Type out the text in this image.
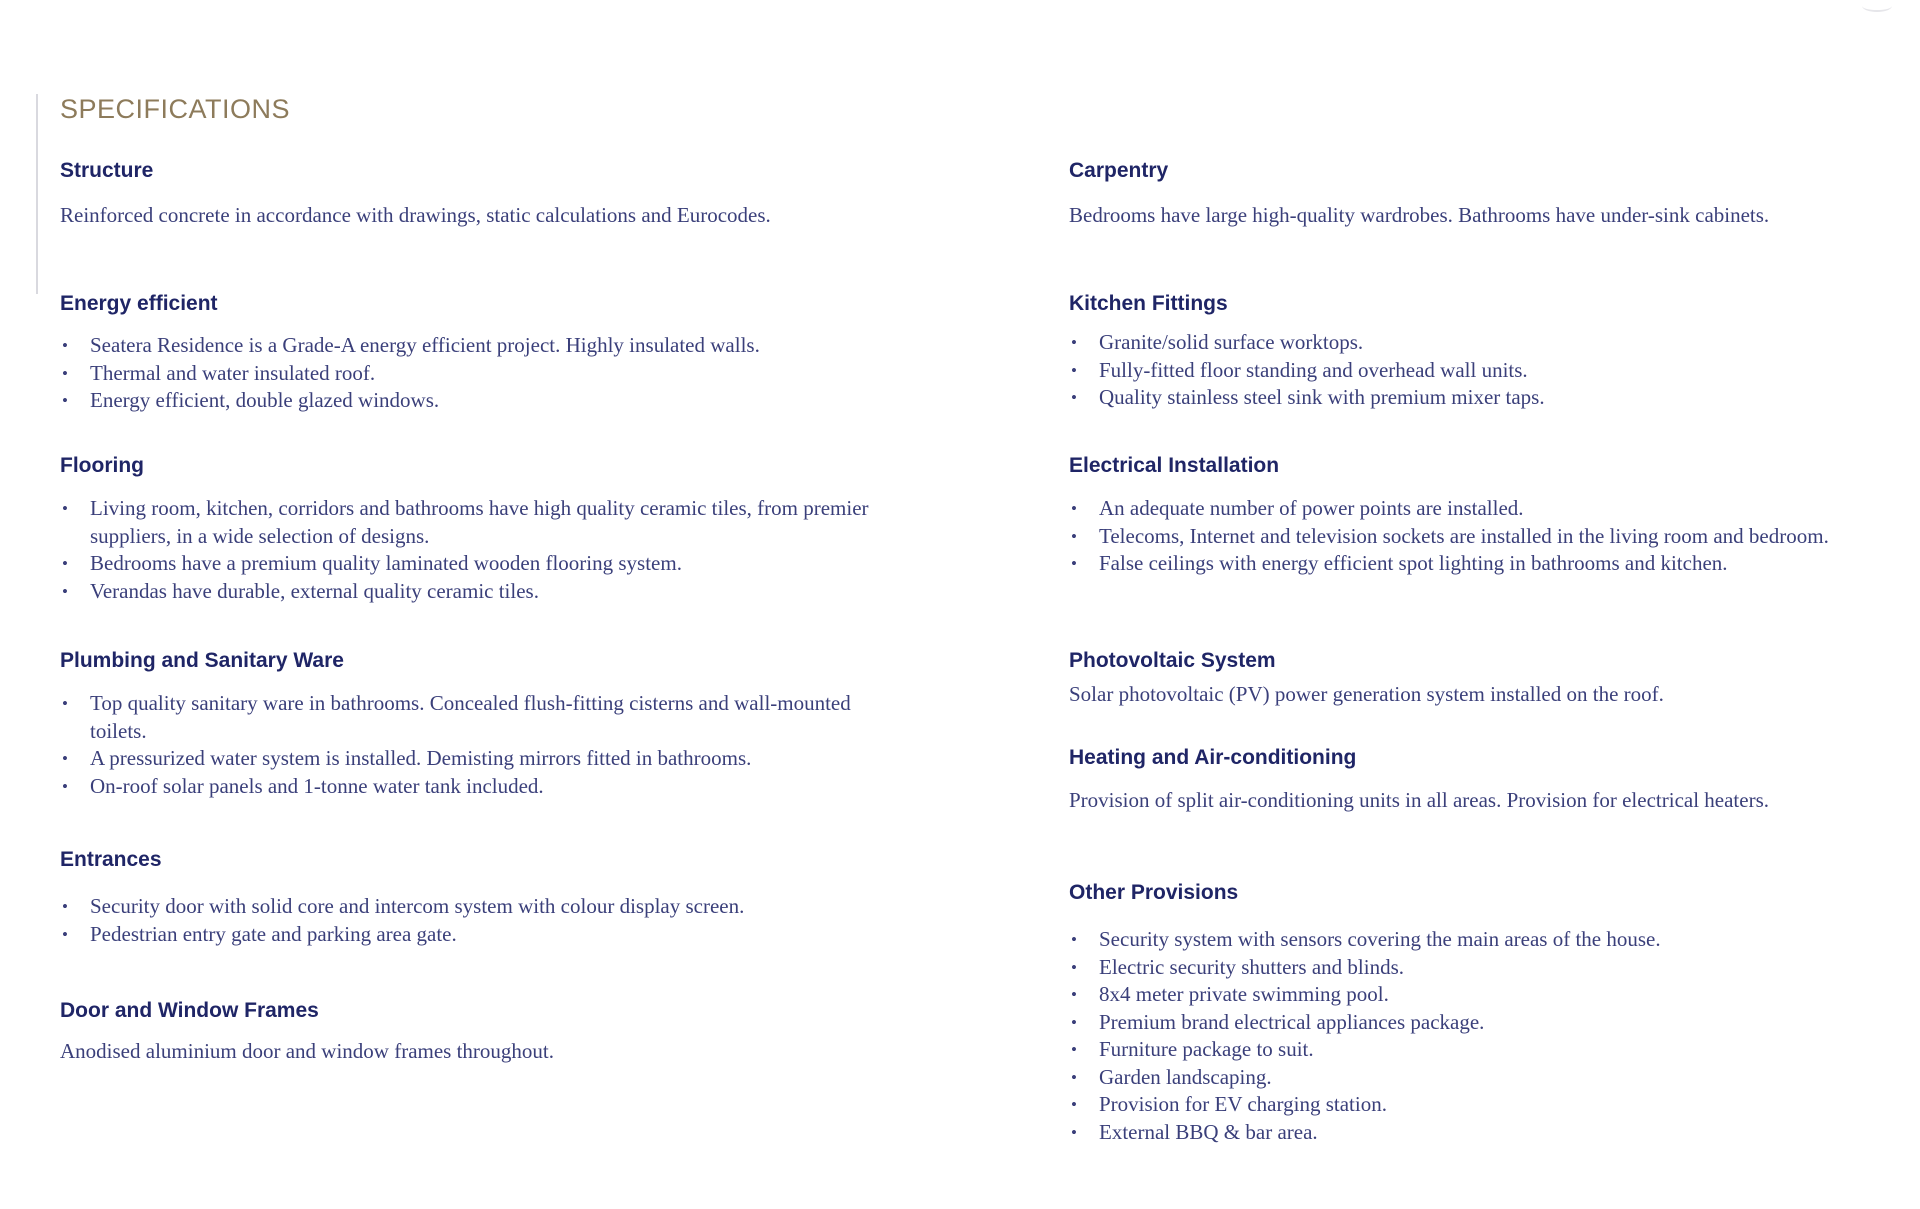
SPECIFICATIONS
Structure

Reinforced concrete in accordance with drawings, static calculations and Eurocodes.

Energy efficient
• Seatera Residence is a Grade-A energy efficient project. Highly insulated walls.
• Thermal and water insulated roof.
• Energy efficient, double glazed windows.
Flooring
• Living room, kitchen, corridors and bathrooms have high quality ceramic tiles, from premier suppliers, in a wide selection of designs.
• Bedrooms have a premium quality laminated wooden flooring system.
• Verandas have durable, external quality ceramic tiles.
Plumbing and Sanitary Ware
• Top quality sanitary ware in bathrooms. Concealed flush-fitting cisterns and wall-mounted toilets.
• A pressurized water system is installed. Demisting mirrors fitted in bathrooms.
• On-roof solar panels and 1-tonne water tank included.
Entrances
• Security door with solid core and intercom system with colour display screen.
• Pedestrian entry gate and parking area gate.
Door and Window Frames

Anodised aluminium door and window frames throughout.

Carpentry

Bedrooms have large high-quality wardrobes. Bathrooms have under-sink cabinets.

Kitchen Fittings
• Granite/solid surface worktops.
• Fully-fitted floor standing and overhead wall units.
• Quality stainless steel sink with premium mixer taps.
Electrical Installation
• An adequate number of power points are installed.
• Telecoms, Internet and television sockets are installed in the living room and bedroom.
• False ceilings with energy efficient spot lighting in bathrooms and kitchen.
Photovoltaic System

Solar photovoltaic (PV) power generation system installed on the roof.

Heating and Air-conditioning

Provision of split air-conditioning units in all areas. Provision for electrical heaters.

Other Provisions
• Security system with sensors covering the main areas of the house.
• Electric security shutters and blinds.
• 8x4 meter private swimming pool.
• Premium brand electrical appliances package.
• Furniture package to suit.
• Garden landscaping.
• Provision for EV charging station.
• External BBQ & bar area.
